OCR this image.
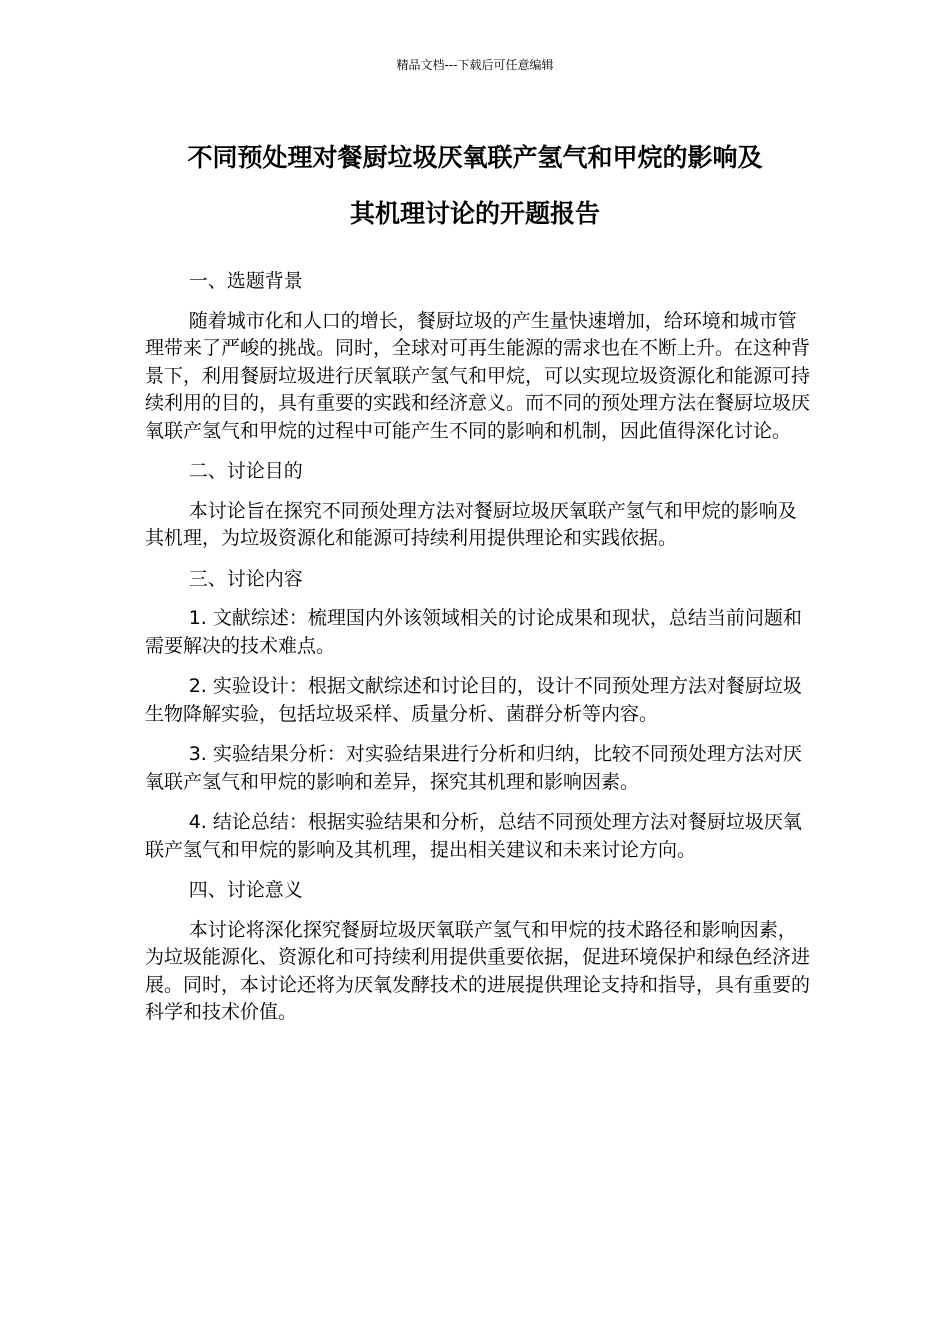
精品文档---下载后可任意编辑
不同预处理对餐厨垃圾厌氧联产氢气和甲烷的影响及
其机理讨论的开题报告

一、选题背景

随着城市化和人口的增长，餐厨垃圾的产生量快速增加，给环境和城市管理带来了严峻的挑战。同时，全球对可再生能源的需求也在不断上升。在这种背景下，利用餐厨垃圾进行厌氧联产氢气和甲烷，可以实现垃圾资源化和能源可持续利用的目的，具有重要的实践和经济意义。而不同的预处理方法在餐厨垃圾厌氧联产氢气和甲烷的过程中可能产生不同的影响和机制，因此值得深化讨论。

二、讨论目的

本讨论旨在探究不同预处理方法对餐厨垃圾厌氧联产氢气和甲烷的影响及其机理，为垃圾资源化和能源可持续利用提供理论和实践依据。

三、讨论内容

1. 文献综述：梳理国内外该领域相关的讨论成果和现状，总结当前问题和需要解决的技术难点。

2. 实验设计：根据文献综述和讨论目的，设计不同预处理方法对餐厨垃圾生物降解实验，包括垃圾采样、质量分析、菌群分析等内容。

3. 实验结果分析：对实验结果进行分析和归纳，比较不同预处理方法对厌氧联产氢气和甲烷的影响和差异，探究其机理和影响因素。

4. 结论总结：根据实验结果和分析，总结不同预处理方法对餐厨垃圾厌氧联产氢气和甲烷的影响及其机理，提出相关建议和未来讨论方向。

四、讨论意义

本讨论将深化探究餐厨垃圾厌氧联产氢气和甲烷的技术路径和影响因素，为垃圾能源化、资源化和可持续利用提供重要依据，促进环境保护和绿色经济进展。同时，本讨论还将为厌氧发酵技术的进展提供理论支持和指导，具有重要的科学和技术价值。
